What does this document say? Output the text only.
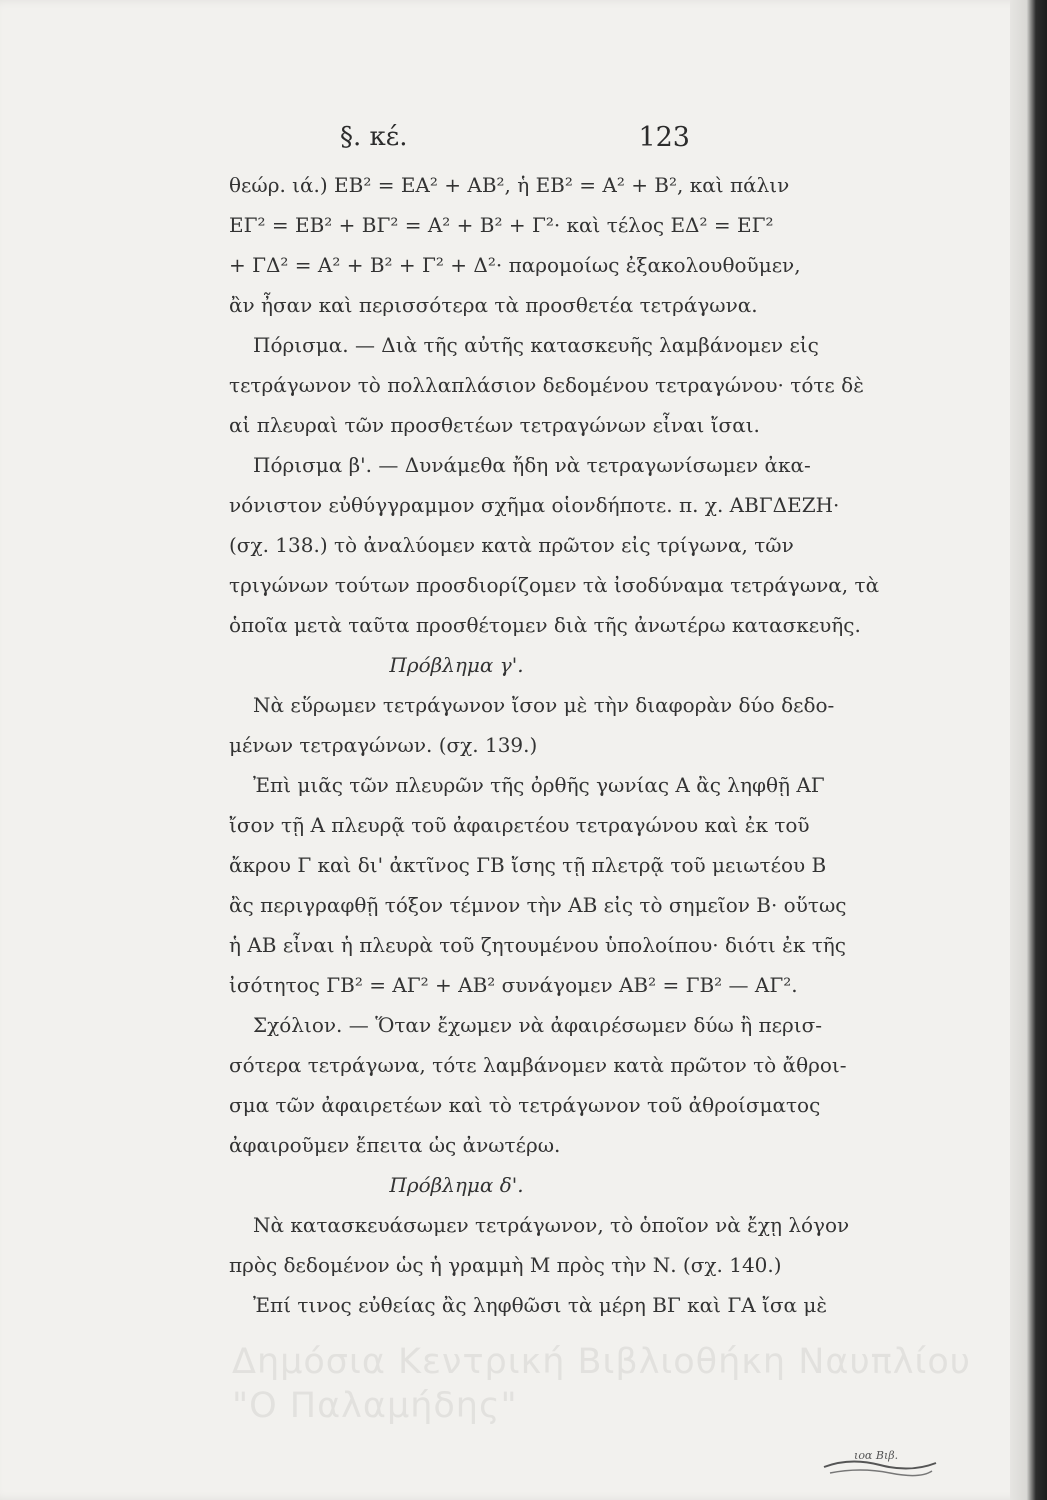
§. κέ.	123
θεώρ. ιά.) ΕΒ² = ΕΑ² + ΑΒ², ἡ ΕΒ² = Α² + Β², καὶ πάλιν
ΕΓ² = ΕΒ² + ΒΓ² = Α² + Β² + Γ²· καὶ τέλος ΕΔ² = ΕΓ²
+ ΓΔ² = Α² + Β² + Γ² + Δ²· παρομοίως ἐξακολουθοῦμεν,
ἂν ἦσαν καὶ περισσότερα τὰ προσθετέα τετράγωνα.
Πόρισμα. — Διὰ τῆς αὐτῆς κατασκευῆς λαμβάνομεν εἰς
τετράγωνον τὸ πολλαπλάσιον δεδομένου τετραγώνου· τότε δὲ
αἱ πλευραὶ τῶν προσθετέων τετραγώνων εἶναι ἴσαι.
Πόρισμα β'. — Δυνάμεθα ἤδη νὰ τετραγωνίσωμεν ἀκα-
νόνιστον εὐθύγγραμμον σχῆμα οἱονδήποτε. π. χ. ΑΒΓΔΕΖΗ·
(σχ. 138.) τὸ ἀναλύομεν κατὰ πρῶτον εἰς τρίγωνα, τῶν
τριγώνων τούτων προσδιορίζομεν τὰ ἰσοδύναμα τετράγωνα, τὰ
ὁποῖα μετὰ ταῦτα προσθέτομεν διὰ τῆς ἀνωτέρω κατασκευῆς.
Πρόβλημα γ'.
Νὰ εὕρωμεν τετράγωνον ἴσον μὲ τὴν διαφορὰν δύο δεδο-
μένων τετραγώνων. (σχ. 139.)
Ἐπὶ μιᾶς τῶν πλευρῶν τῆς ὀρθῆς γωνίας Α ἂς ληφθῇ ΑΓ
ἴσον τῇ Α πλευρᾷ τοῦ ἀφαιρετέου τετραγώνου καὶ ἐκ τοῦ
ἄκρου Γ καὶ δι' ἀκτῖνος ΓΒ ἴσης τῇ πλετρᾷ τοῦ μειωτέου Β
ἂς περιγραφθῇ τόξον τέμνον τὴν ΑΒ εἰς τὸ σημεῖον Β· οὕτως
ἡ ΑΒ εἶναι ἡ πλευρὰ τοῦ ζητουμένου ὑπολοίπου· διότι ἐκ τῆς
ἰσότητος ΓΒ² = ΑΓ² + ΑΒ² συνάγομεν ΑΒ² = ΓΒ² — ΑΓ².
Σχόλιον. — Ὅταν ἔχωμεν νὰ ἀφαιρέσωμεν δύω ἢ περισ-
σότερα τετράγωνα, τότε λαμβάνομεν κατὰ πρῶτον τὸ ἄθροι-
σμα τῶν ἀφαιρετέων καὶ τὸ τετράγωνον τοῦ ἀθροίσματος
ἀφαιροῦμεν ἔπειτα ὡς ἀνωτέρω.
Πρόβλημα δ'.
Νὰ κατασκευάσωμεν τετράγωνον, τὸ ὁποῖον νὰ ἔχῃ λόγον
πρὸς δεδομένον ὡς ἡ γραμμὴ Μ πρὸς τὴν Ν. (σχ. 140.)
Ἐπί τινος εὐθείας ἂς ληφθῶσι τὰ μέρη ΒΓ καὶ ΓΑ ἴσα μὲ
Δημόσια Κεντρική Βιβλιοθήκη Ναυπλίου
"Ο Παλαμήδης"
ιοα Βιβ.
